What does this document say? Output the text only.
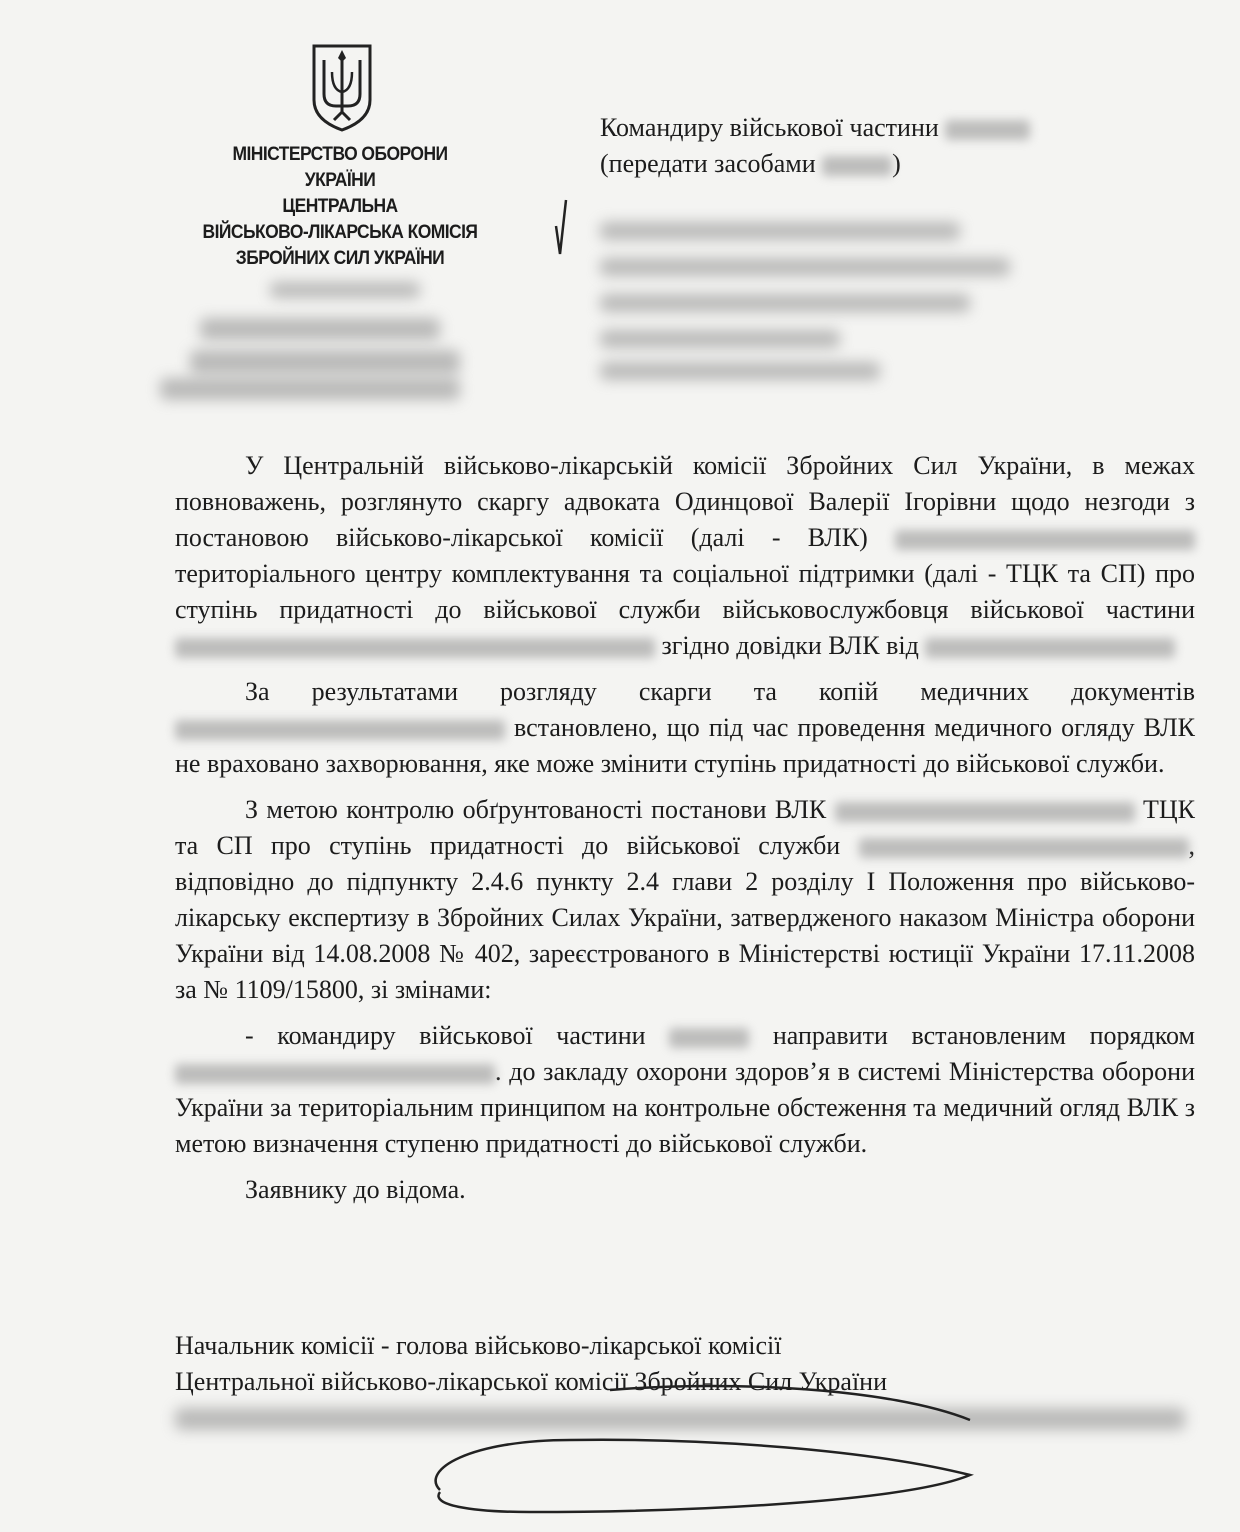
МІНІСТЕРСТВО ОБОРОНИ
УКРАЇНИ
ЦЕНТРАЛЬНА
ВІЙСЬКОВО-ЛІКАРСЬКА КОМІСІЯ
ЗБРОЙНИХ СИЛ УКРАЇНИ
Командиру військової частини
(передати засобами	)

У Центральній військово-лікарській комісії Збройних Сил України, в межах повноважень, розглянуто скаргу адвоката Одинцової Валерії Ігорівни щодо незгоди з постановою військово-лікарської комісії (далі - ВЛК)  територіального центру комплектування та соціальної підтримки (далі - ТЦК та СП) про ступінь придатності до військової служби військовослужбовця військової частини  згідно довідки ВЛК від

За результатами розгляду скарги та копій медичних документів  встановлено, що під час проведення медичного огляду ВЛК не враховано захворювання, яке може змінити ступінь придатності до військової служби.

З метою контролю обґрунтованості постанови ВЛК	ТЦК та СП про ступінь придатності до військової служби	, відповідно до підпункту 2.4.6 пункту 2.4 глави 2 розділу І Положення про військово-лікарську експертизу в Збройних Силах України, затвердженого наказом Міністра оборони України від 14.08.2008 № 402, зареєстрованого в Міністерстві юстиції України 17.11.2008 за № 1109/15800, зі змінами:

- командиру військової частини	направити встановленим порядком . до закладу охорони здоров’я в системі Міністерства оборони України за територіальним принципом на контрольне обстеження та медичний огляд ВЛК з метою визначення ступеню придатності до військової служби.

Заявнику до відома.

Начальник комісії - голова військово-лікарської комісії
Центральної військово-лікарської комісії Збройних Сил України
